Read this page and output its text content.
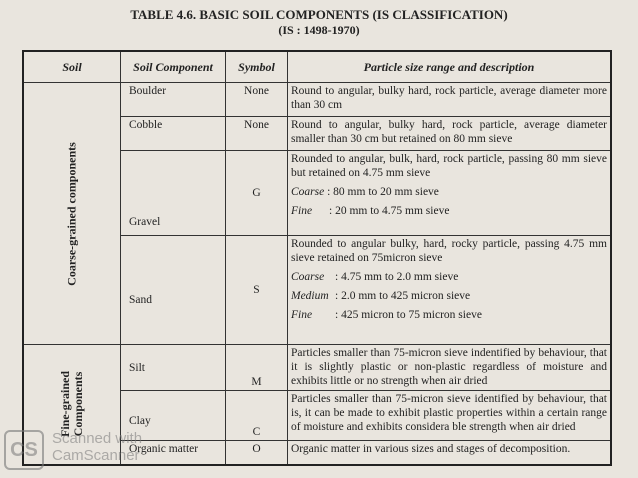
TABLE 4.6. BASIC SOIL COMPONENTS (IS CLASSIFICATION)
(IS : 1498-1970)
Soil	Soil Component	Symbol	Particle size range and description

Coarse-grained components	Boulder	None	Round to angular, bulky hard, rock particle, average diameter more than 30 cm
	Cobble	None	Round to angular, bulky hard, rock particle, average diameter smaller than 30 cm but retained on 80 mm sieve
	Gravel	G	Rounded to angular, bulk, hard, rock particle, passing 80 mm sieve but retained on 4.75 mm sieve
Coarse : 80 mm to 20 mm sieve
Fine : 20 mm to 4.75 mm sieve

	Sand	S	Rounded to angular bulky, hard, rocky particle, passing 4.75 mm sieve retained on 75micron sieve
Coarse : 4.75 mm to 2.0 mm sieve
Medium : 2.0 mm to 425 micron sieve
Fine : 425 micron to 75 micron sieve

Fine-grained
Components	Silt	M	Particles smaller than 75-micron sieve indentified by behaviour, that it is slightly plastic or non-plastic regardless of moisture and exhibits little or no strength when air dried
	Clay	C	Particles smaller than 75-micron sieve identified by behaviour, that is, it can be made to exhibit plastic properties within a certain range of moisture and exhibits considera ble strength when air dried
	Organic matter	O	Organic matter in various sizes and stages of decomposition.
CS
Scanned with
CamScanner
